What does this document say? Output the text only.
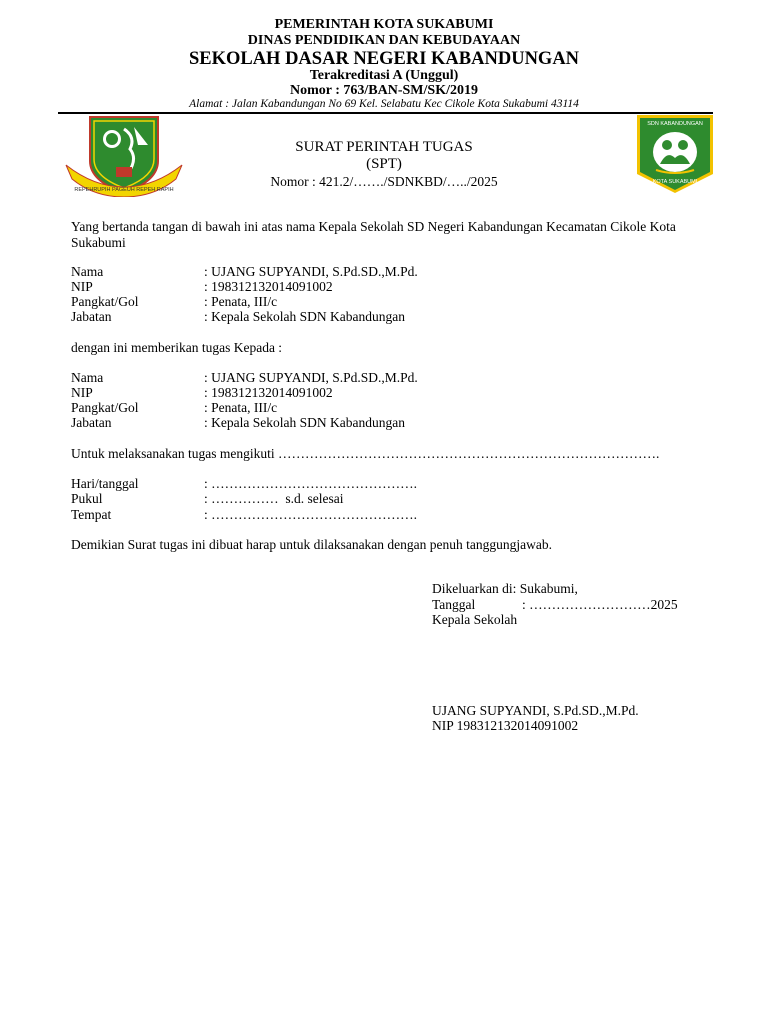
PEMERINTAH KOTA SUKABUMI
DINAS PENDIDIKAN DAN KEBUDAYAAN
SEKOLAH DASAR NEGERI KABANDUNGAN
Terakreditasi A (Unggul)
Nomor : 763/BAN-SM/SK/2019
Alamat : Jalan Kabandungan No 69 Kel. Selabatu Kec Cikole Kota Sukabumi 43114
REPEHRUPIH PAGEUH REPEH RAPIH
SDN KABANDUNGAN
KOTA SUKABUMI
SURAT PERINTAH TUGAS
(SPT)
Nomor : 421.2/……./SDNKBD/…../2025
Yang bertanda tangan di bawah ini atas nama Kepala Sekolah SD Negeri Kabandungan Kecamatan Cikole Kota Sukabumi
Nama	: UJANG SUPYANDI, S.Pd.SD.,M.Pd.
NIP	: 198312132014091002
Pangkat/Gol	: Penata, III/c
Jabatan	: Kepala Sekolah SDN Kabandungan
dengan ini memberikan tugas Kepada :
Nama	: UJANG SUPYANDI, S.Pd.SD.,M.Pd.
NIP	: 198312132014091002
Pangkat/Gol	: Penata, III/c
Jabatan	: Kepala Sekolah SDN Kabandungan
Untuk melaksanakan tugas mengikuti ………………………………………………………………………….
Hari/tanggal	: ……………………………………….
Pukul	: ……………  s.d. selesai
Tempat	: ……………………………………….
Demikian Surat tugas ini dibuat harap untuk dilaksanakan dengan penuh tanggungjawab.
Dikeluarkan di: Sukabumi,
Tanggal	: ………………………2025
Kepala Sekolah
UJANG SUPYANDI, S.Pd.SD.,M.Pd.
NIP 198312132014091002
